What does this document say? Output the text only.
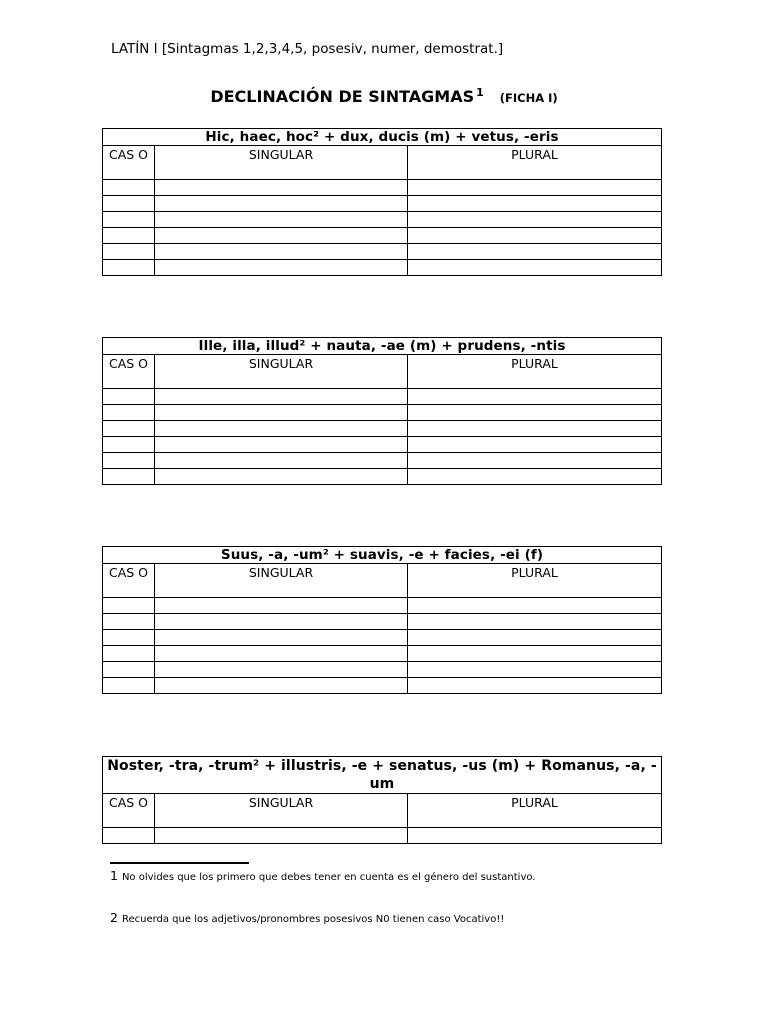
LATÍN I [Sintagmas 1,2,3,4,5, posesiv, numer, demostrat.]
DECLINACIÓN DE SINTAGMAS $^1$ (FICHA I)
Hic, haec, hoc² + dux, ducis (m) + vetus, -eris		
CAS O	SINGULAR	PLURAL

Ille, illa, illud² + nauta, -ae (m) + prudens, -ntis		
CAS O	SINGULAR	PLURAL

Suus, -a, -um² + suavis, -e + facies, -ei (f)		
CAS O	SINGULAR	PLURAL

Noster, -tra, -trum² + illustris, -e + senatus, -us (m) + Romanus, -a, -um		
CAS O	SINGULAR	PLURAL

1 No olvides que los primero que debes tener en cuenta es el género del sustantivo.
2 Recuerda que los adjetivos/pronombres posesivos N0 tienen caso Vocativo!!
